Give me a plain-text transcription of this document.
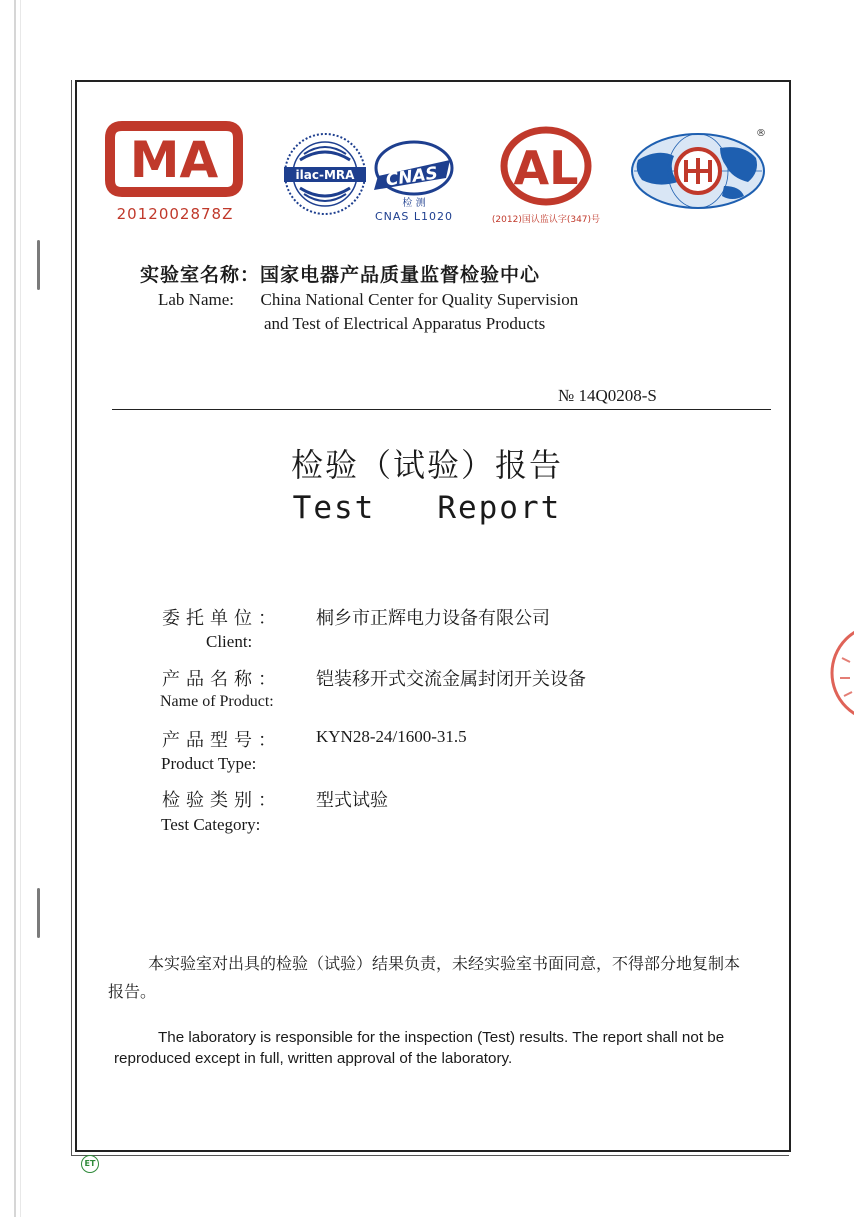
MA
2012002878Z
ilac-MRA CNAS
检 测
CNAS L1020
AL
(2012)国认监认字(347)号
®
实验室名称：国家电器产品质量监督检验中心
Lab Name: China National Center for Quality Supervision
and Test of Electrical Apparatus Products
№ 14Q0208-S
检验（试验）报告
Test   Report
委托单位： 桐乡市正辉电力设备有限公司
Client:
产品名称： 铠装移开式交流金属封闭开关设备
Name of Product:
产品型号： KYN28-24/1600-31.5
Product Type:
检验类别： 型式试验
Test Category:
本实验室对出具的检验（试验）结果负责，未经实验室书面同意，不得部分地复制本报告。
The laboratory is responsible for the inspection (Test) results. The report shall not be reproduced except in full, written approval of the laboratory.
ET
